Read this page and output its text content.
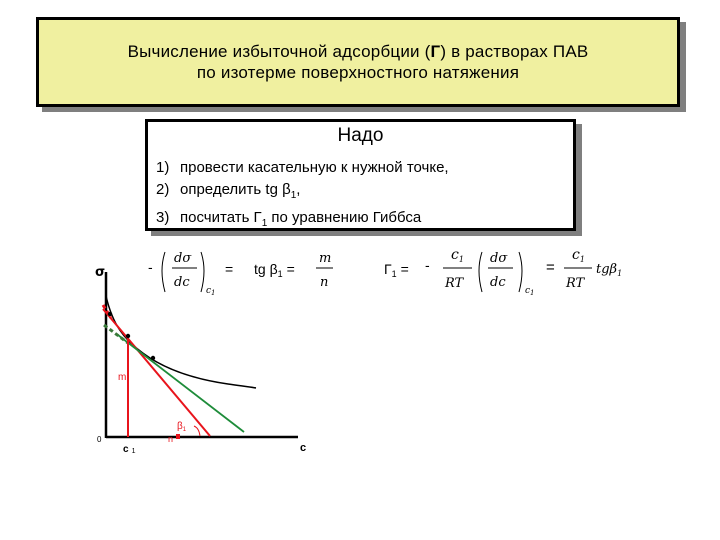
Вычисление избыточной адсорбции (Г) в растворах ПАВ
по изотерме поверхностного натяжения
Надо
1) провести касательную к нужной точке,
2) определить tg $\beta_1$,
3) посчитать $Г_1$ по уравнению Гиббса
-
dσ
dc
$c_1$
= tg $\beta_1$ =
m
n
$Г_1$ = -
$c_1$
RT
dσ
dc
$c_1$
=
$c_1$
RT
tgβ$_1$
σ
c
0
m
n
$\beta_1$
c 1
